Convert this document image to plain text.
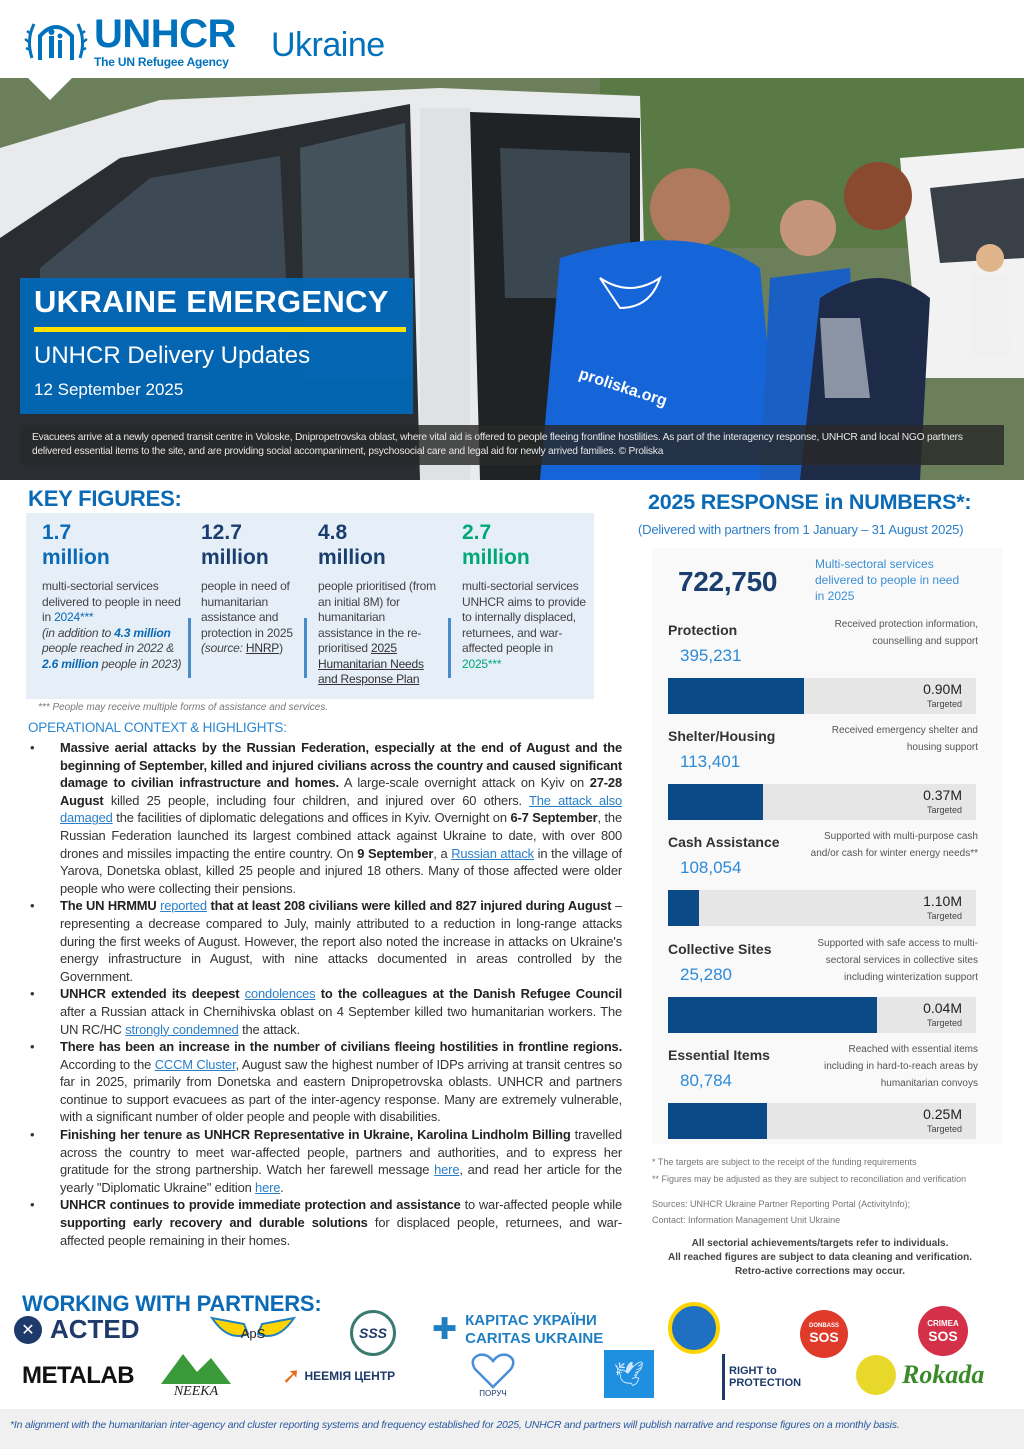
UNHCR
The UN Refugee Agency Ukraine
proliska.org
UKRAINE EMERGENCY
UNHCR Delivery Updates
12 September 2025
Evacuees arrive at a newly opened transit centre in Voloske, Dnipropetrovska oblast, where vital aid is offered to people fleeing frontline hostilities. As part of the interagency response, UNHCR and local NGO partners delivered essential items to the site, and are providing social accompaniment, psychosocial care and legal aid for newly arrived families. © Proliska
KEY FIGURES:
1.7
million
multi-sectorial services delivered to people in need in 2024***
(in addition to 4.3 million people reached in 2022 & 2.6 million people in 2023)
12.7
million
people in need of humanitarian assistance and protection in 2025 (source: HNRP)
4.8
million
people prioritised (from an initial 8M) for humanitarian assistance in the re-prioritised 2025 Humanitarian Needs and Response Plan
2.7
million
multi-sectorial services UNHCR aims to provide to internally displaced, returnees, and war-affected people in 2025***
*** People may receive multiple forms of assistance and services.
OPERATIONAL CONTEXT & HIGHLIGHTS:
• Massive aerial attacks by the Russian Federation, especially at the end of August and the beginning of September, killed and injured civilians across the country and caused significant damage to civilian infrastructure and homes. A large-scale overnight attack on Kyiv on 27-28 August killed 25 people, including four children, and injured over 60 others. The attack also damaged the facilities of diplomatic delegations and offices in Kyiv. Overnight on 6-7 September, the Russian Federation launched its largest combined attack against Ukraine to date, with over 800 drones and missiles impacting the entire country. On 9 September, a Russian attack in the village of Yarova, Donetska oblast, killed 25 people and injured 18 others. Many of those affected were older people who were collecting their pensions.
• The UN HRMMU reported that at least 208 civilians were killed and 827 injured during August – representing a decrease compared to July, mainly attributed to a reduction in long-range attacks during the first weeks of August. However, the report also noted the increase in attacks on Ukraine's energy infrastructure in August, with nine attacks documented in areas controlled by the Government.
• UNHCR extended its deepest condolences to the colleagues at the Danish Refugee Council after a Russian attack in Chernihivska oblast on 4 September killed two humanitarian workers. The UN RC/HC strongly condemned the attack.
• There has been an increase in the number of civilians fleeing hostilities in frontline regions. According to the CCCM Cluster, August saw the highest number of IDPs arriving at transit centres so far in 2025, primarily from Donetska and eastern Dnipropetrovska oblasts. UNHCR and partners continue to support evacuees as part of the inter-agency response. Many are extremely vulnerable, with a significant number of older people and people with disabilities.
• Finishing her tenure as UNHCR Representative in Ukraine, Karolina Lindholm Billing travelled across the country to meet war-affected people, partners and authorities, and to express her gratitude for the strong partnership. Watch her farewell message here, and read her article for the yearly "Diplomatic Ukraine" edition here.
• UNHCR continues to provide immediate protection and assistance to war-affected people while supporting early recovery and durable solutions for displaced people, returnees, and war-affected people remaining in their homes.
2025 RESPONSE in NUMBERS*:
(Delivered with partners from 1 January – 31 August 2025)
722,750
Multi-sectoral services delivered to people in need in 2025
Protection
395,231
Received protection information, counselling and support
0.90M
Targeted
Shelter/Housing
113,401
Received emergency shelter and housing support
0.37M
Targeted
Cash Assistance
108,054
Supported with multi-purpose cash and/or cash for winter energy needs**
1.10M
Targeted
Collective Sites
25,280
Supported with safe access to multi-sectoral services in collective sites including winterization support
0.04M
Targeted
Essential Items
80,784
Reached with essential items including in hard-to-reach areas by humanitarian convoys
0.25M
Targeted
* The targets are subject to the receipt of the funding requirements
** Figures may be adjusted as they are subject to reconciliation and verification
Sources: UNHCR Ukraine Partner Reporting Portal (ActivityInfo);
Contact: Information Management Unit Ukraine
All sectorial achievements/targets refer to individuals.
All reached figures are subject to data cleaning and verification.
Retro-active corrections may occur.
WORKING WITH PARTNERS:
✕ ACTED	ApS	SSS	✚ КАРІТАС УКРАЇНИ
CARITAS UKRAINE
DONBASS
SOS
CRIMEA
SOS
METALAB
NEEKA
➚ НЕЕМІЯ ЦЕНТР
ПОРУЧ
🕊	RIGHT to PROTECTION	Rokada
*In alignment with the humanitarian inter-agency and cluster reporting systems and frequency established for 2025, UNHCR and partners will publish narrative and response figures on a monthly basis.
